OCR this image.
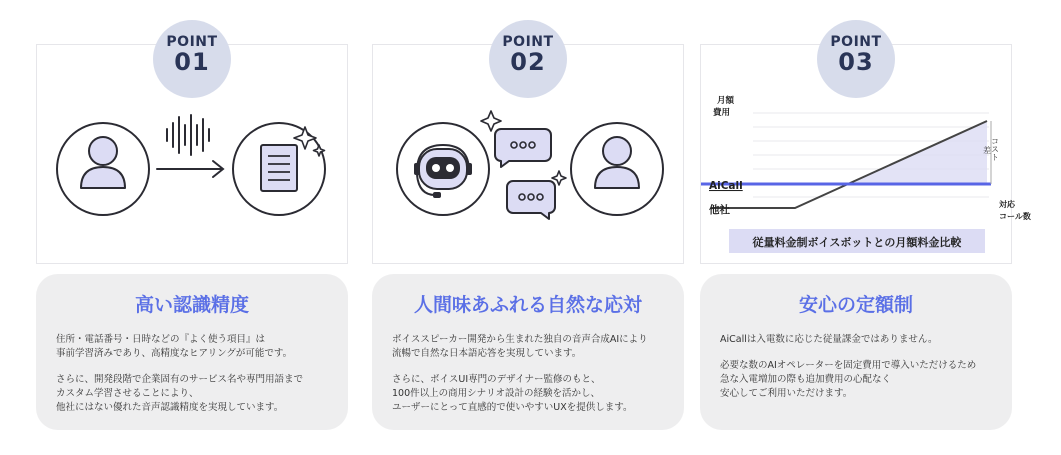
POINT
01
高い認識精度

住所・電話番号・日時などの『よく使う項目』は
事前学習済みであり、高精度なヒアリングが可能です。

さらに、開発段階で企業固有のサービス名や専門用語まで
カスタム学習させることにより、
他社にはない優れた音声認識精度を実現しています。

POINT
02
人間味あふれる自然な応対

ボイススピーカー開発から生まれた独自の音声合成AIにより
流暢で自然な日本語応答を実現しています。

さらに、ボイスUI専門のデザイナー監修のもと、
100件以上の商用シナリオ設計の経験を活かし、
ユーザーにとって直感的で使いやすいUXを提供します。

月額
費用
AiCall
他社	対応
コール数
差 コスト
従量料金制ボイスボットとの月額料金比較
POINT
03
安心の定額制

AiCallは入電数に応じた従量課金ではありません。

必要な数のAIオペレーターを固定費用で導入いただけるため
急な入電増加の際も追加費用の心配なく
安心してご利用いただけます。
